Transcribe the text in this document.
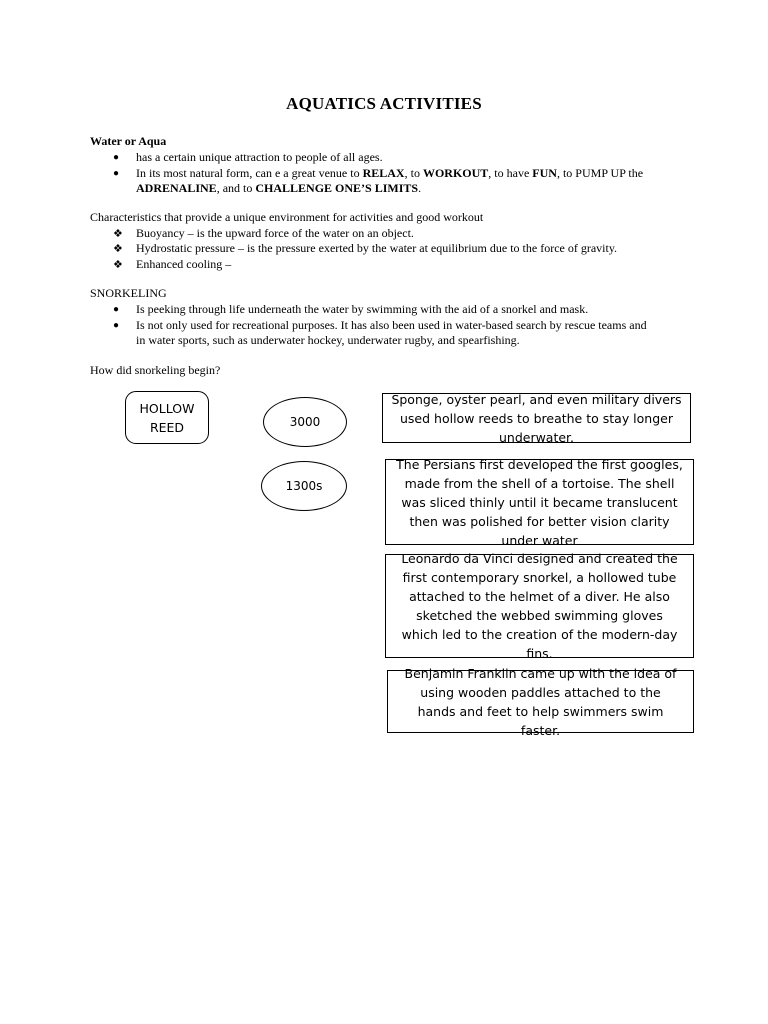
AQUATICS ACTIVITIES
Water or Aqua
● has a certain unique attraction to people of all ages.
● In its most natural form, can e a great venue to RELAX, to WORKOUT, to have FUN, to PUMP UP the
ADRENALINE, and to CHALLENGE ONE’S LIMITS.
Characteristics that provide a unique environment for activities and good workout
❖ Buoyancy – is the upward force of the water on an object.
❖ Hydrostatic pressure – is the pressure exerted by the water at equilibrium due to the force of gravity.
❖ Enhanced cooling –
SNORKELING
● Is peeking through life underneath the water by swimming with the aid of a snorkel and mask.
● Is not only used for recreational purposes. It has also been used in water-based search by rescue teams and
in water sports, such as underwater hockey, underwater rugby, and spearfishing.
How did snorkeling begin?
HOLLOW REED	3000
1300s
Sponge, oyster pearl, and even military divers used hollow reeds to breathe to stay longer underwater.
The Persians first developed the first googles, made from the shell of a tortoise. The shell was sliced thinly until it became translucent then was polished for better vision clarity under water
Leonardo da Vinci designed and created the first contemporary snorkel, a hollowed tube attached to the helmet of a diver. He also sketched the webbed swimming gloves which led to the creation of the modern-day fins.
Benjamin Franklin came up with the idea of using wooden paddles attached to the hands and feet to help swimmers swim faster.
